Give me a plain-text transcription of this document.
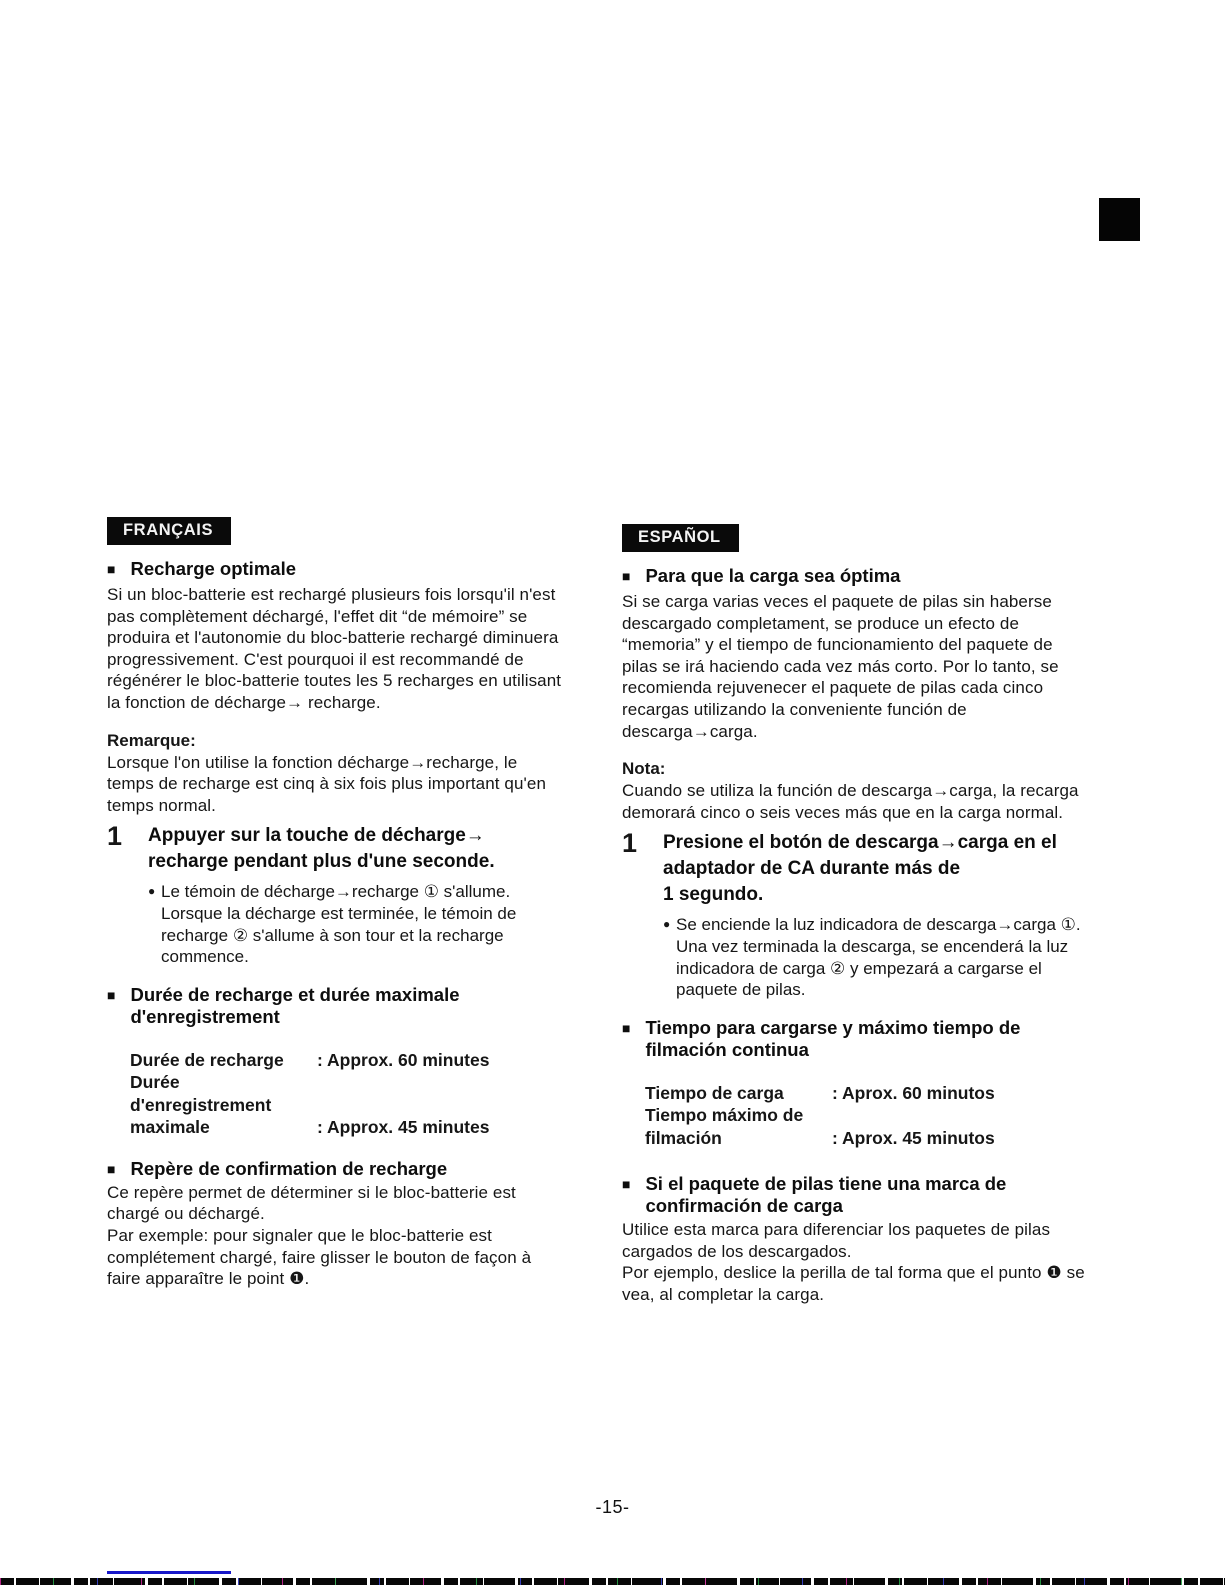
FRANÇAIS
■ Recharge optimale

Si un bloc-batterie est rechargé plusieurs fois lorsqu'il n'est pas complètement déchargé, l'effet dit “de mémoire” se produira et l'autonomie du bloc-batterie rechargé diminuera progressivement. C'est pourquoi il est recommandé de régénérer le bloc-batterie toutes les 5 recharges en utilisant la fonction de décharge→ recharge.

Remarque:

Lorsque l'on utilise la fonction décharge→recharge, le temps de recharge est cinq à six fois plus important qu'en temps normal.

1	Appuyer sur la touche de décharge→
recharge pendant plus d'une seconde.
● Le témoin de décharge→recharge ① s'allume. Lorsque la décharge est terminée, le témoin de recharge ② s'allume à son tour et la recharge commence.
■ Durée de recharge et durée maximale d'enregistrement
Durée de recharge	: Approx. 60 minutes
Durée d'enregistrement
maximale	: Approx. 45 minutes
■ Repère de confirmation de recharge

Ce repère permet de déterminer si le bloc-batterie est chargé ou déchargé.

Par exemple: pour signaler que le bloc-batterie est complétement chargé, faire glisser le bouton de façon à faire apparaître le point ❶.

ESPAÑOL
■ Para que la carga sea óptima

Si se carga varias veces el paquete de pilas sin haberse descargado completament, se produce un efecto de “memoria” y el tiempo de funcionamiento del paquete de pilas se irá haciendo cada vez más corto. Por lo tanto, se recomienda rejuvenecer el paquete de pilas cada cinco recargas utilizando la conveniente función de descarga→carga.

Nota:

Cuando se utiliza la función de descarga→carga, la recarga demorará cinco o seis veces más que en la carga normal.

1	Presione el botón de descarga→carga en el
adaptador de CA durante más de
1 segundo.
● Se enciende la luz indicadora de descarga→carga ①. Una vez terminada la descarga, se encenderá la luz indicadora de carga ② y empezará a cargarse el paquete de pilas.
■ Tiempo para cargarse y máximo tiempo de filmación continua
Tiempo de carga	: Aprox. 60 minutos
Tiempo máximo de
filmación	: Aprox. 45 minutos
■ Si el paquete de pilas tiene una marca de confirmación de carga

Utilice esta marca para diferenciar los paquetes de pilas cargados de los descargados.

Por ejemplo, deslice la perilla de tal forma que el punto ❶ se vea, al completar la carga.

-15-
